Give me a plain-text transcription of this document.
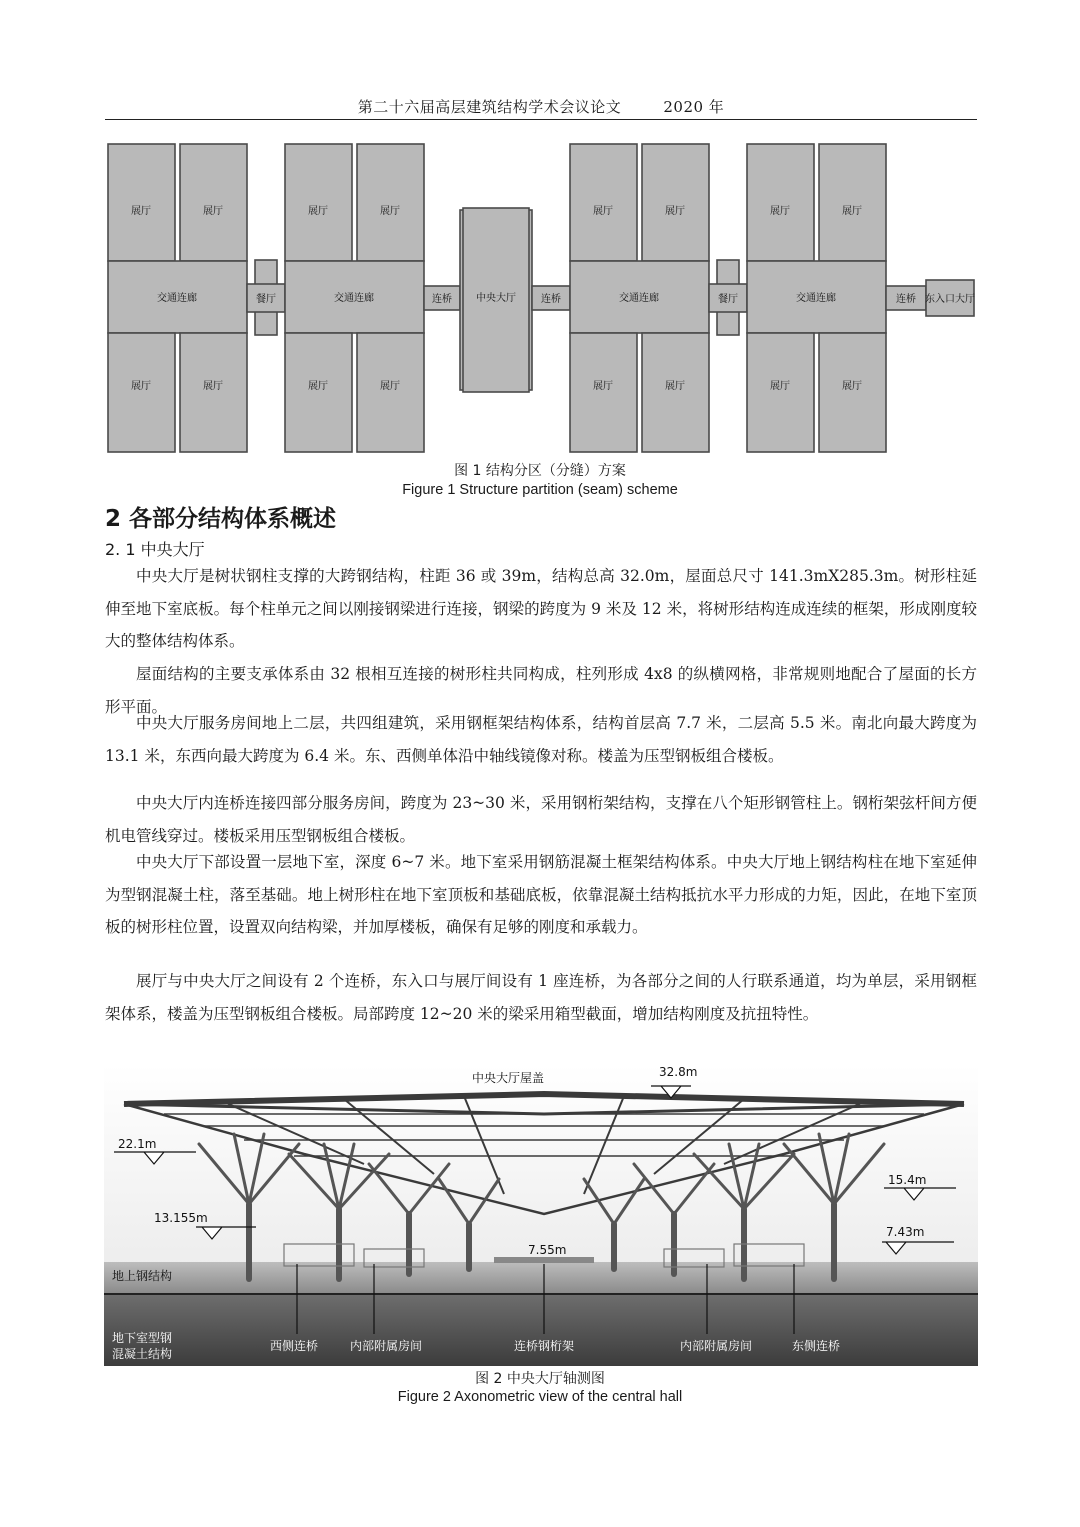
第二十六届高层建筑结构学术会议论文	2020 年
展厅	展厅
交通连廊
展厅	展厅
餐厅
展厅	展厅
交通连廊
展厅	展厅
连桥 中央大厅	连桥
展厅	展厅
交通连廊
展厅	展厅
餐厅
展厅	展厅
交通连廊
展厅	展厅
连桥 东入口大厅
图 1 结构分区（分缝）方案
Figure 1 Structure partition (seam) scheme
2 各部分结构体系概述
2. 1 中央大厅

中央大厅是树状钢柱支撑的大跨钢结构，柱距 36 或 39m，结构总高 32.0m，屋面总尺寸 141.3mX285.3m。树形柱延伸至地下室底板。每个柱单元之间以刚接钢梁进行连接，钢梁的跨度为 9 米及 12 米，将树形结构连成连续的框架，形成刚度较大的整体结构体系。

屋面结构的主要支承体系由 32 根相互连接的树形柱共同构成，柱列形成 4x8 的纵横网格，非常规则地配合了屋面的长方形平面。

中央大厅服务房间地上二层，共四组建筑，采用钢框架结构体系，结构首层高 7.7 米，二层高 5.5 米。南北向最大跨度为 13.1 米，东西向最大跨度为 6.4 米。东、西侧单体沿中轴线镜像对称。楼盖为压型钢板组合楼板。

中央大厅内连桥连接四部分服务房间，跨度为 23~30 米，采用钢桁架结构，支撑在八个矩形钢管柱上。钢桁架弦杆间方便机电管线穿过。楼板采用压型钢板组合楼板。

中央大厅下部设置一层地下室，深度 6~7 米。地下室采用钢筋混凝土框架结构体系。中央大厅地上钢结构柱在地下室延伸为型钢混凝土柱，落至基础。地上树形柱在地下室顶板和基础底板，依靠混凝土结构抵抗水平力形成的力矩，因此，在地下室顶板的树形柱位置，设置双向结构梁，并加厚楼板，确保有足够的刚度和承载力。

展厅与中央大厅之间设有 2 个连桥，东入口与展厅间设有 1 座连桥，为各部分之间的人行联系通道，均为单层，采用钢框架体系，楼盖为压型钢板组合楼板。局部跨度 12~20 米的梁采用箱型截面，增加结构刚度及抗扭特性。

中央大厅屋盖	32.8m
22.1m
13.155m
15.4m
7.43m
7.55m
地上钢结构
地下室型钢
混凝土结构
西侧连桥	内部附属房间	连桥钢桁架	内部附属房间	东侧连桥
图 2 中央大厅轴测图
Figure 2 Axonometric view of the central hall
